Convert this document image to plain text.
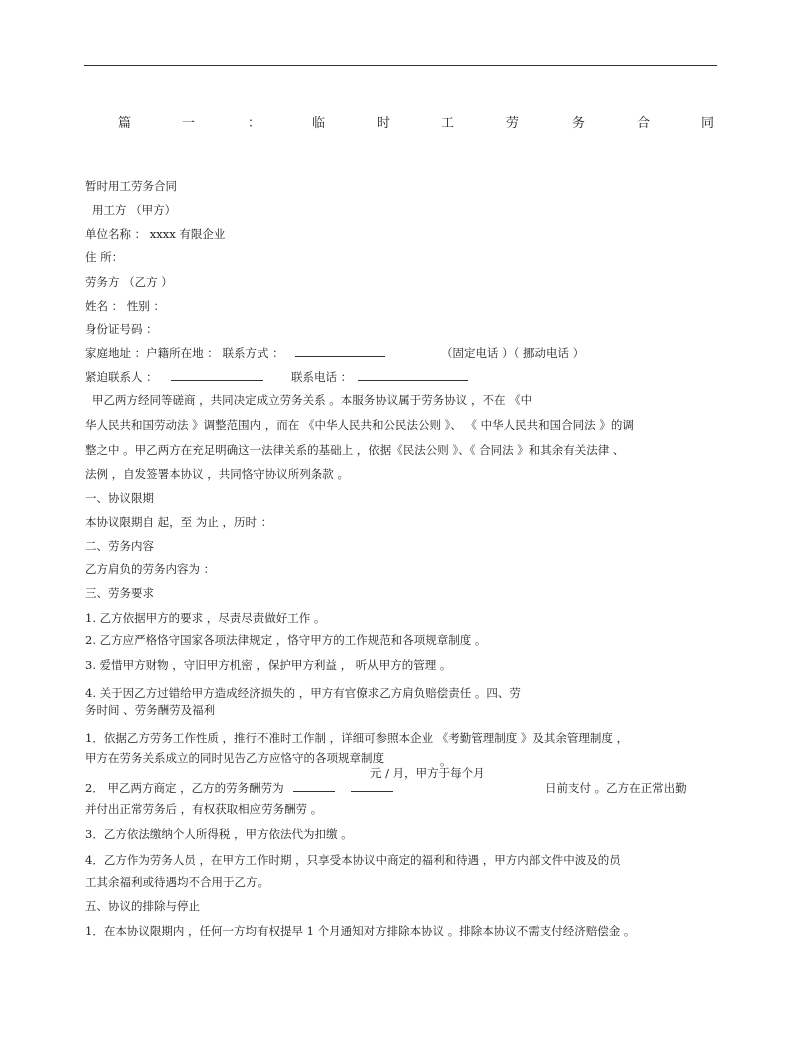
篇	一	：	临	时	工	劳	务	合	同
暂时用工劳务合同
用工方 （甲方）
单位名称 ： xxxx 有限企业
住 所：
劳务方 （乙方 ）
姓名 ： 性别 ：
身份证号码 ：
家庭地址 ：户籍所在地 ： 联系方式 ：	（固定电话 ）（ 挪动电话 ）
紧迫联系人 ：	联系电话 ：
甲乙两方经同等磋商 ，共同决定成立劳务关系 。本服务协议属于劳务协议 ，不在 《中
华人民共和国劳动法 》调整范围内 ，而在 《中华人民共和公民法公则 》、 《 中华人民共和国合同法 》的调
整之中 。甲乙两方在充足明确这一法律关系的基础上 ，依据《民法公则 》、《 合同法 》和其余有关法律 、
法例 ，自发签署本协议 ，共同恪守协议所列条款 。
一、协议限期
本协议限期自 起，至 为止 ，历时 ：
二、劳务内容
乙方肩负的劳务内容为 ：
三、劳务要求
1. 乙方依据甲方的要求 ，尽责尽责做好工作 。
2. 乙方应严格恪守国家各项法律规定 ，恪守甲方的工作规范和各项规章制度 。
3. 爱惜甲方财物 ，守旧甲方机密 ，保护甲方利益 ， 听从甲方的管理 。
4. 关于因乙方过错给甲方造成经济损失的 ，甲方有官僚求乙方肩负赔偿责任 。四、劳
务时间 、劳务酬劳及福利
1．依据乙方劳务工作性质 ，推行不准时工作制 ，详细可参照本企业 《考勤管理制度 》及其余管理制度 ，
甲方在劳务关系成立的同时见告乙方应恪守的各项规章制度	。
元 / 月，甲方于每个月
2． 甲乙两方商定 ，乙方的劳务酬劳为	日前支付 。乙方在正常出勤
并付出正常劳务后 ，有权获取相应劳务酬劳 。
3．乙方依法缴纳个人所得税 ，甲方依法代为扣缴 。
4．乙方作为劳务人员 ，在甲方工作时期 ，只享受本协议中商定的福利和待遇 ，甲方内部文件中波及的员
工其余福利或待遇均不合用于乙方。
五、协议的排除与停止
1．在本协议限期内 ，任何一方均有权提早 1 个月通知对方排除本协议 。排除本协议不需支付经济赔偿金 。
